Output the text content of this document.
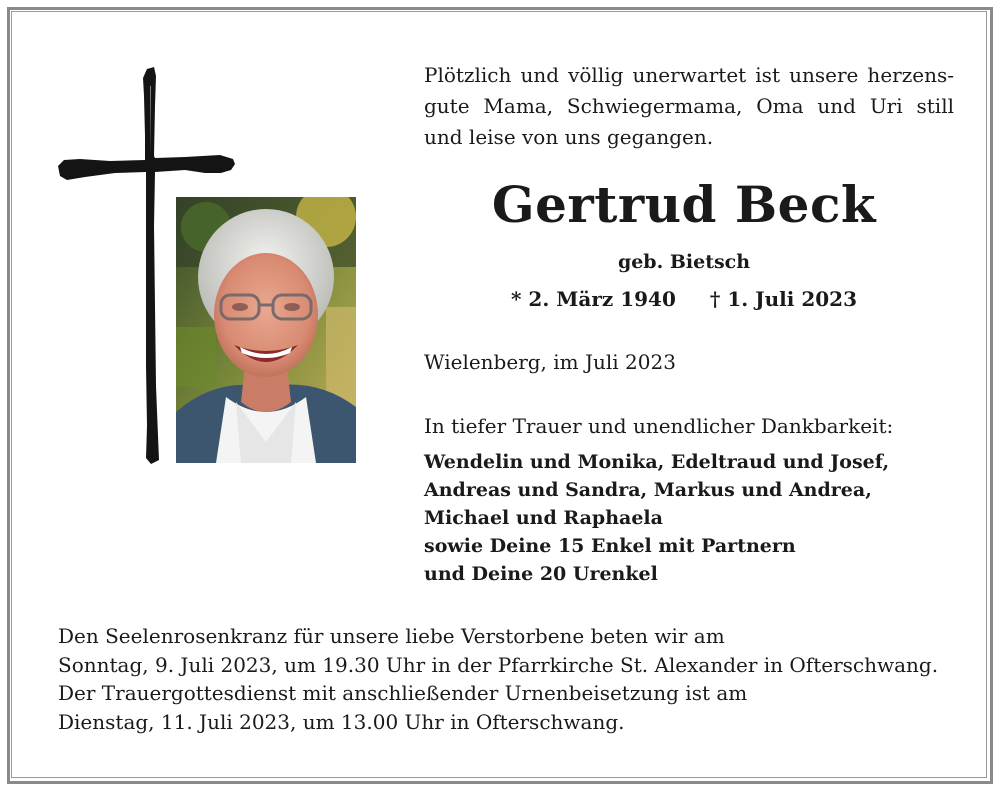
Plötzlich und völlig unerwartet ist unsere herzens-
gute Mama, Schwiegermama, Oma und Uri still
und leise von uns gegangen.

Gertrud Beck
geb. Bietsch
* 2. März 1940 † 1. Juli 2023
Wielenberg, im Juli 2023
In tiefer Trauer und unendlicher Dankbarkeit:
Wendelin und Monika, Edeltraud und Josef,
Andreas und Sandra, Markus und Andrea,
Michael und Raphaela
sowie Deine 15 Enkel mit Partnern
und Deine 20 Urenkel
Den Seelenrosenkranz für unsere liebe Verstorbene beten wir am
Sonntag, 9. Juli 2023, um 19.30 Uhr in der Pfarrkirche St. Alexander in Ofterschwang.
Der Trauergottesdienst mit anschließender Urnenbeisetzung ist am
Dienstag, 11. Juli 2023, um 13.00 Uhr in Ofterschwang.
